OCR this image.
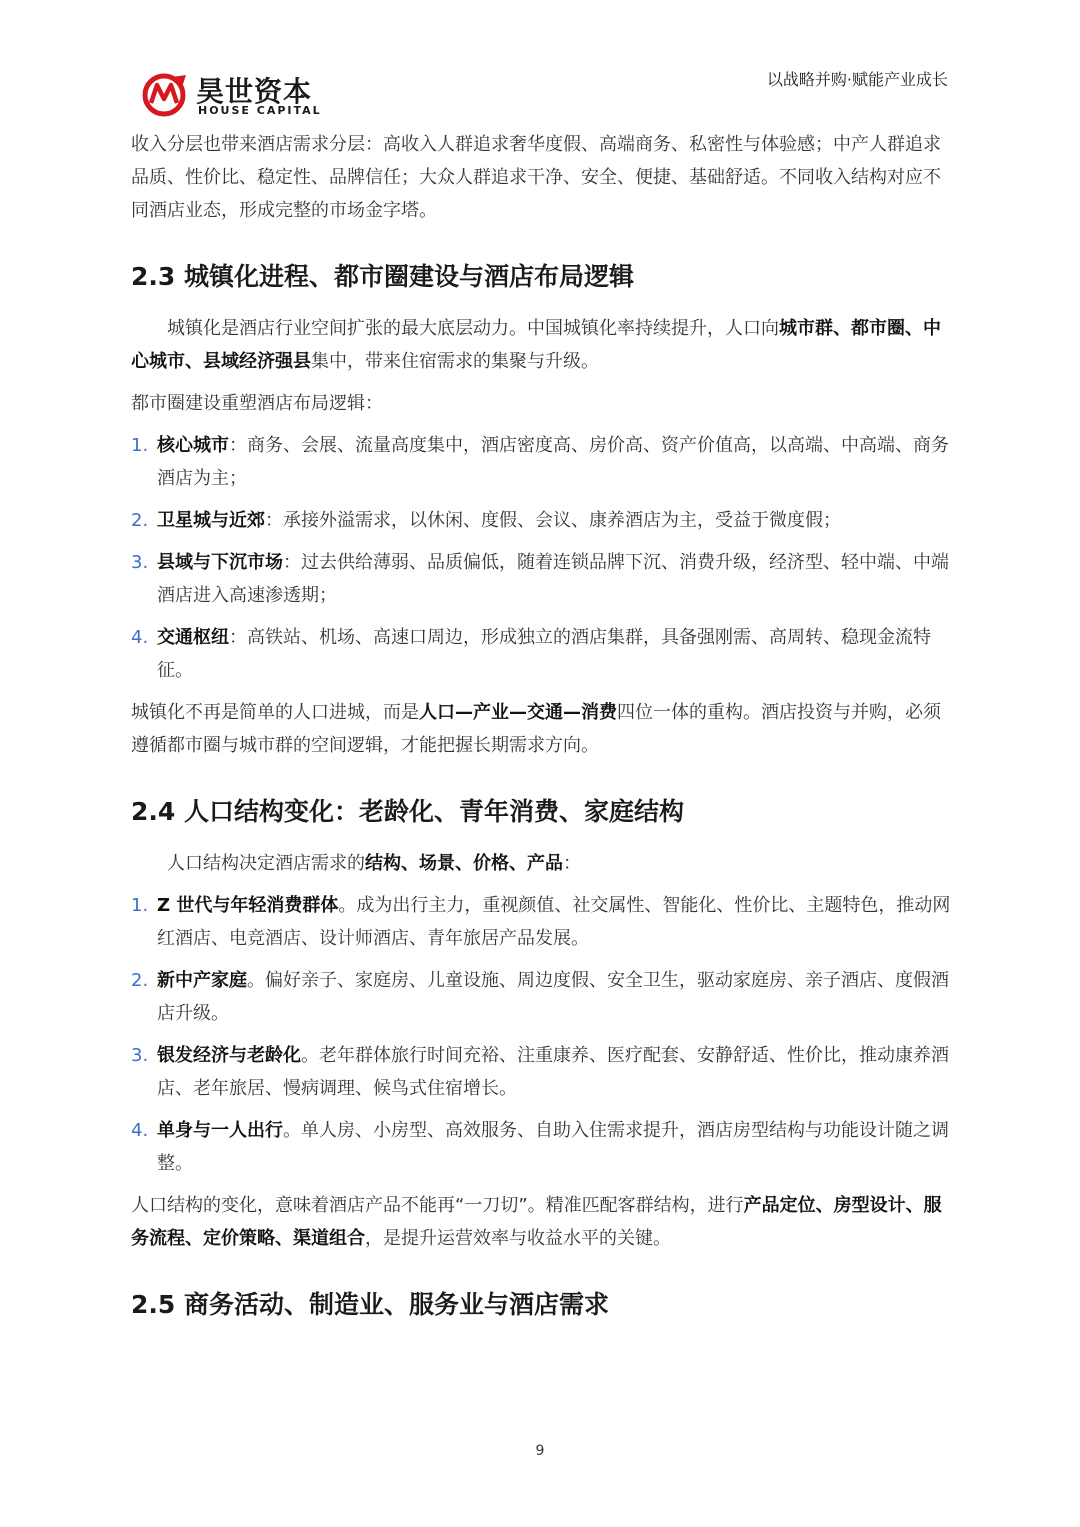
昊世资本
HOUSE CAPITAL
以战略并购·赋能产业成长

收入分层也带来酒店需求分层：高收入人群追求奢华度假、高端商务、私密性与体验感；中产人群追求品质、性价比、稳定性、品牌信任；大众人群追求干净、安全、便捷、基础舒适。不同收入结构对应不同酒店业态，形成完整的市场金字塔。

2.3 城镇化进程、都市圈建设与酒店布局逻辑

城镇化是酒店行业空间扩张的最大底层动力。中国城镇化率持续提升，人口向城市群、都市圈、中心城市、县域经济强县集中，带来住宿需求的集聚与升级。

都市圈建设重塑酒店布局逻辑：

1. 核心城市：商务、会展、流量高度集中，酒店密度高、房价高、资产价值高，以高端、中高端、商务酒店为主；
2. 卫星城与近郊：承接外溢需求，以休闲、度假、会议、康养酒店为主，受益于微度假；
3. 县域与下沉市场：过去供给薄弱、品质偏低，随着连锁品牌下沉、消费升级，经济型、轻中端、中端酒店进入高速渗透期；
4. 交通枢纽：高铁站、机场、高速口周边，形成独立的酒店集群，具备强刚需、高周转、稳现金流特征。

城镇化不再是简单的人口进城，而是人口—产业—交通—消费四位一体的重构。酒店投资与并购，必须遵循都市圈与城市群的空间逻辑，才能把握长期需求方向。

2.4 人口结构变化：老龄化、青年消费、家庭结构

人口结构决定酒店需求的结构、场景、价格、产品：

1. Z 世代与年轻消费群体。成为出行主力，重视颜值、社交属性、智能化、性价比、主题特色，推动网红酒店、电竞酒店、设计师酒店、青年旅居产品发展。
2. 新中产家庭。偏好亲子、家庭房、儿童设施、周边度假、安全卫生，驱动家庭房、亲子酒店、度假酒店升级。
3. 银发经济与老龄化。老年群体旅行时间充裕、注重康养、医疗配套、安静舒适、性价比，推动康养酒店、老年旅居、慢病调理、候鸟式住宿增长。
4. 单身与一人出行。单人房、小房型、高效服务、自助入住需求提升，酒店房型结构与功能设计随之调整。

人口结构的变化，意味着酒店产品不能再“一刀切”。精准匹配客群结构，进行产品定位、房型设计、服务流程、定价策略、渠道组合，是提升运营效率与收益水平的关键。

2.5 商务活动、制造业、服务业与酒店需求
9
